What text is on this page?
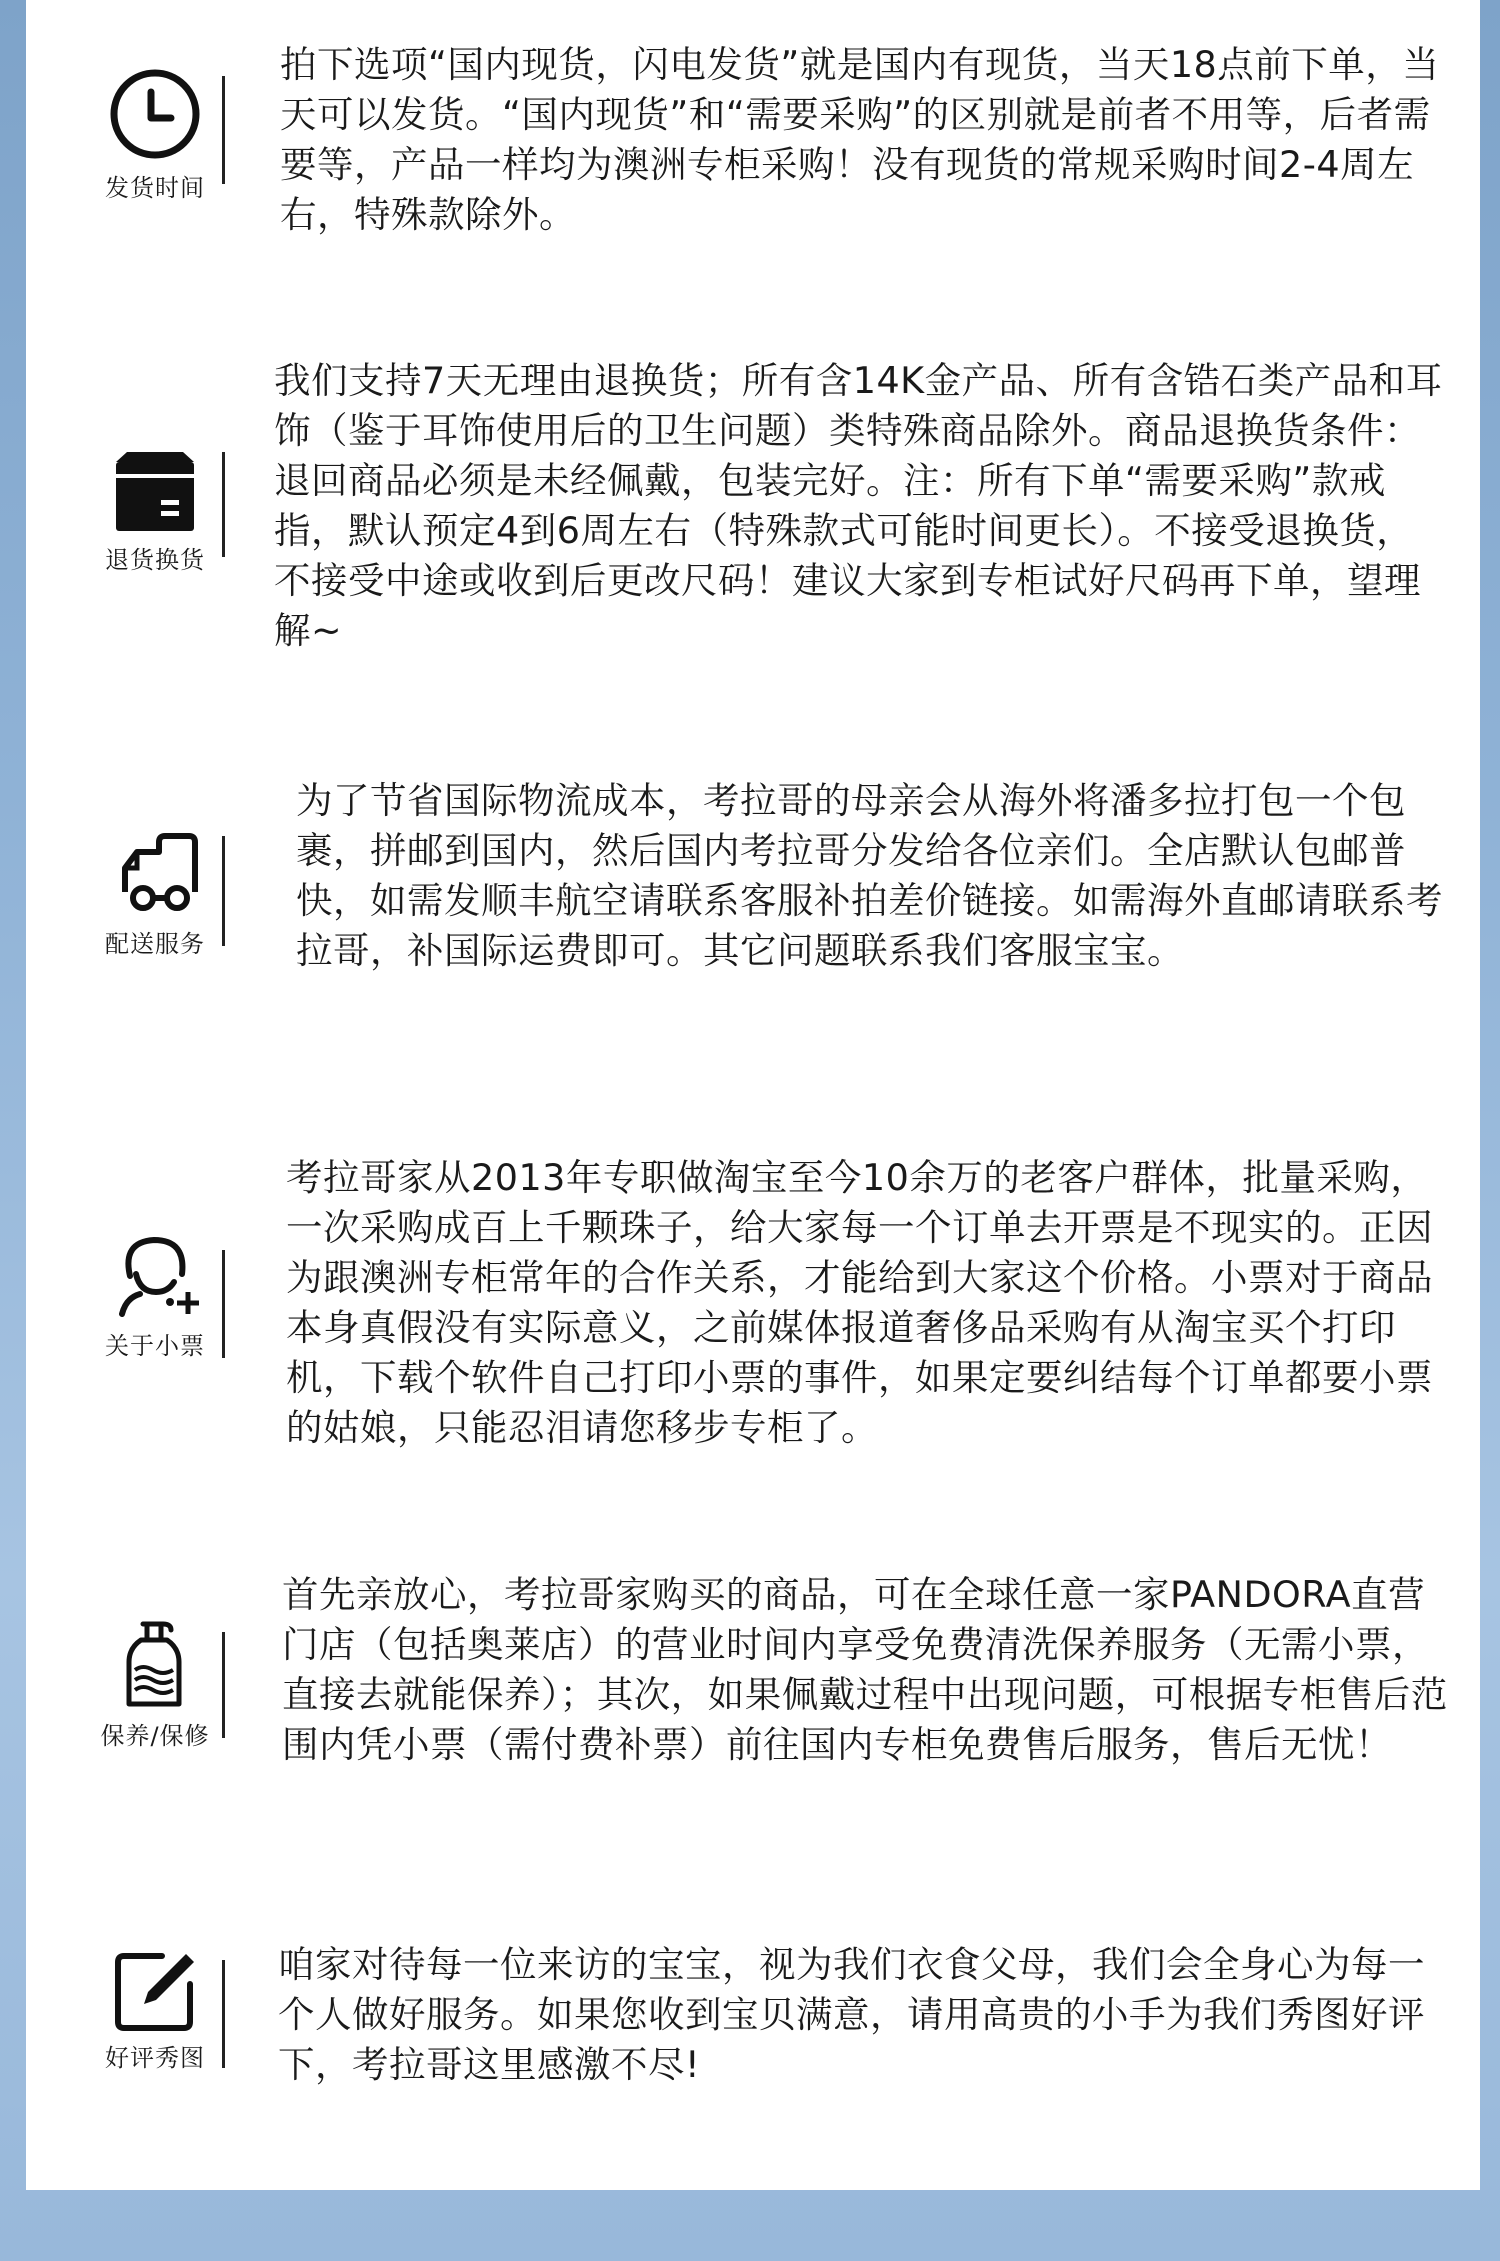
发货时间

拍下选项“国内现货，闪电发货”就是国内有现货，当天18点前下单，当天可以发货。“国内现货”和“需要采购”的区别就是前者不用等，后者需要等，产品一样均为澳洲专柜采购！没有现货的常规采购时间2-4周左右，特殊款除外。

退货换货

我们支持7天无理由退换货；所有含14K金产品、所有含锆石类产品和耳饰（鉴于耳饰使用后的卫生问题）类特殊商品除外。商品退换货条件：退回商品必须是未经佩戴，包装完好。注：所有下单“需要采购”款戒指，默认预定4到6周左右（特殊款式可能时间更长）。不接受退换货，不接受中途或收到后更改尺码！建议大家到专柜试好尺码再下单，望理解~

配送服务

为了节省国际物流成本，考拉哥的母亲会从海外将潘多拉打包一个包裹，拼邮到国内，然后国内考拉哥分发给各位亲们。全店默认包邮普快，如需发顺丰航空请联系客服补拍差价链接。如需海外直邮请联系考拉哥，补国际运费即可。其它问题联系我们客服宝宝。

关于小票

考拉哥家从2013年专职做淘宝至今10余万的老客户群体，批量采购，一次采购成百上千颗珠子，给大家每一个订单去开票是不现实的。正因为跟澳洲专柜常年的合作关系，才能给到大家这个价格。小票对于商品本身真假没有实际意义，之前媒体报道奢侈品采购有从淘宝买个打印机，下载个软件自己打印小票的事件，如果定要纠结每个订单都要小票的姑娘，只能忍泪请您移步专柜了。

保养/保修

首先亲放心，考拉哥家购买的商品，可在全球任意一家PANDORA直营门店（包括奥莱店）的营业时间内享受免费清洗保养服务（无需小票，直接去就能保养）；其次，如果佩戴过程中出现问题，可根据专柜售后范围内凭小票（需付费补票）前往国内专柜免费售后服务，售后无忧！

好评秀图

咱家对待每一位来访的宝宝，视为我们衣食父母，我们会全身心为每一个人做好服务。如果您收到宝贝满意，请用高贵的小手为我们秀图好评下，考拉哥这里感激不尽!
